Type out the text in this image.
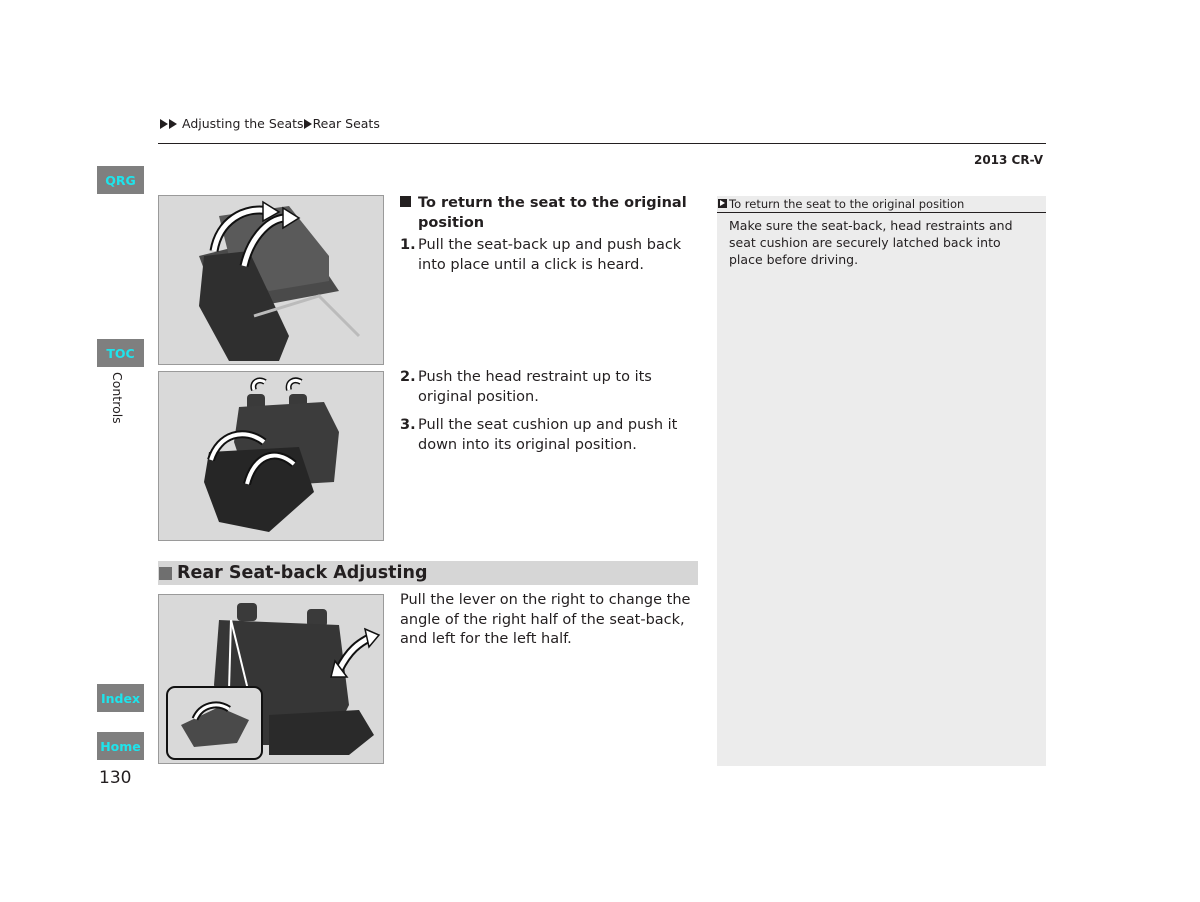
Adjusting the Seats Rear Seats
2013 CR-V
QRG
TOC
Controls
Index
Home
130
To return the seat to the original position
1. Pull the seat-back up and push back into place until a click is heard.
2. Push the head restraint up to its original position.
3. Pull the seat cushion up and push it down into its original position.
Rear Seat-back Adjusting
Pull the lever on the right to change the angle of the right half of the seat-back, and left for the left half.
To return the seat to the original position
Make sure the seat-back, head restraints and seat cushion are securely latched back into place before driving.
